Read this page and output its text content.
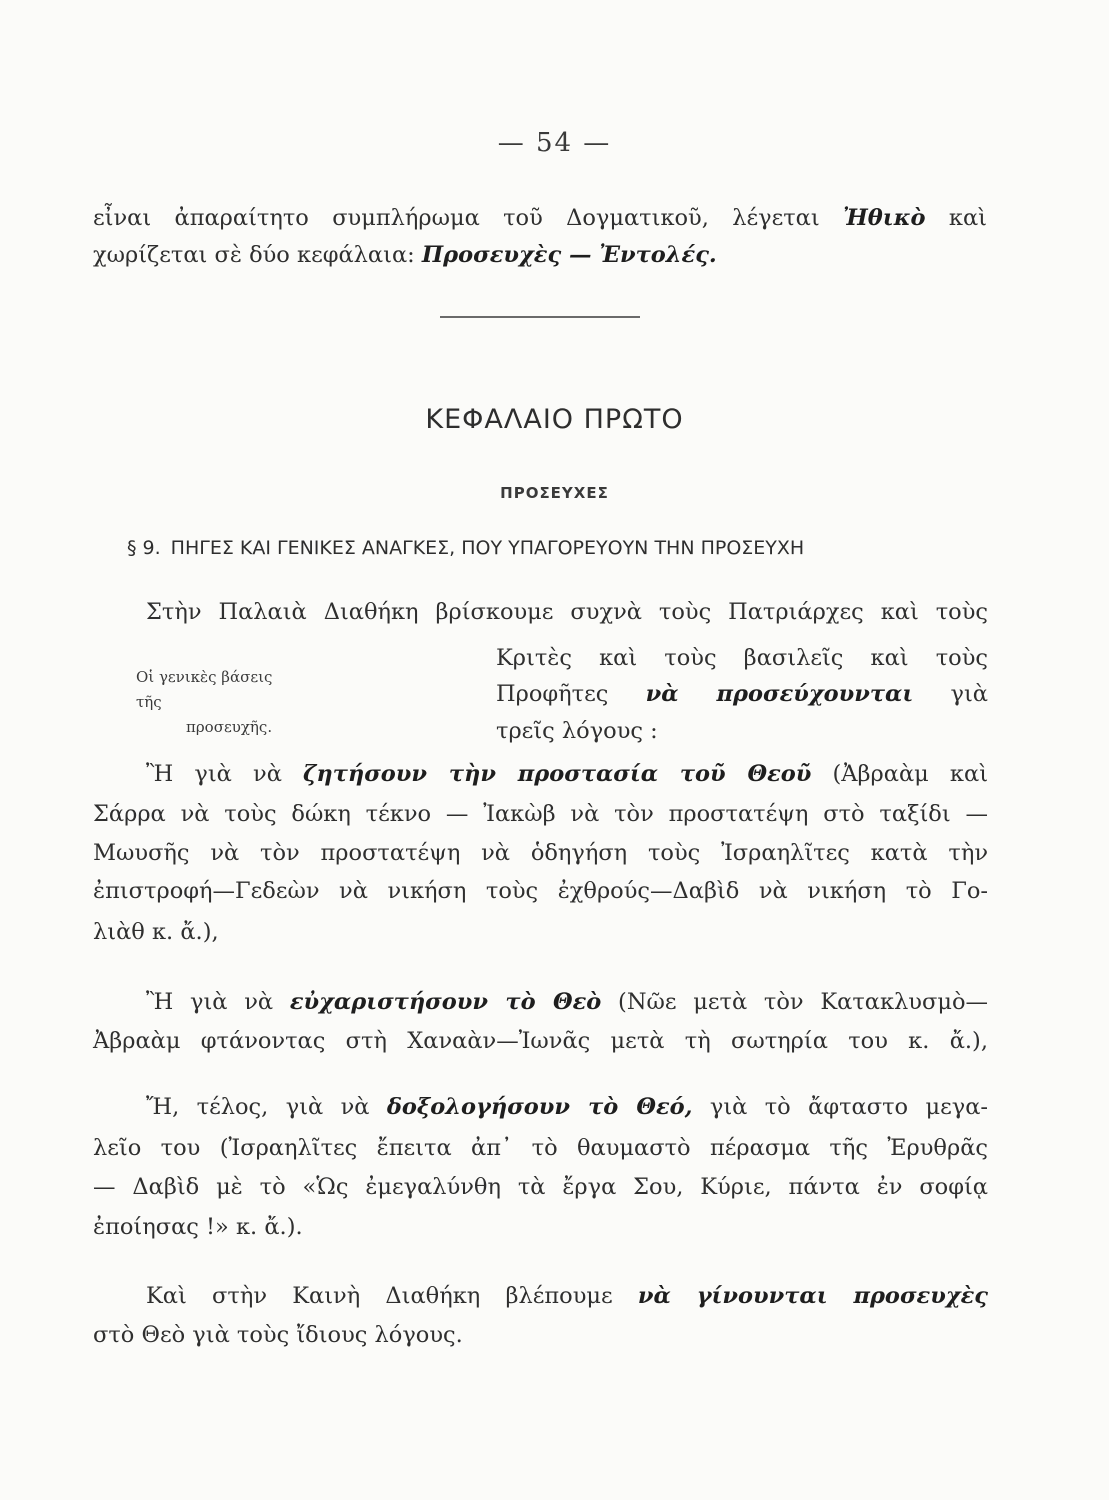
— 54 —
εἶναι ἀπαραίτητο συμπλήρωμα τοῦ Δογματικοῦ, λέγεται Ἠθικὸ καὶ
χωρίζεται σὲ δύο κεφάλαια: Προσευχὲς — Ἐντολές.
ΚΕΦΑΛΑΙΟ ΠΡΩΤΟ
ΠΡΟΣΕΥΧΕΣ
§ 9. ΠΗΓΕΣ ΚΑΙ ΓΕΝΙΚΕΣ ΑΝΑΓΚΕΣ, ΠΟΥ ΥΠΑΓΟΡΕΥΟΥΝ ΤΗΝ ΠΡΟΣΕΥΧΗ
Στὴν Παλαιὰ Διαθήκη βρίσκουμε συχνὰ τοὺς Πατριάρχες καὶ τοὺς
Κριτὲς καὶ τοὺς βασιλεῖς καὶ τοὺς
Προφῆτες νὰ προσεύχουνται γιὰ
τρεῖς λόγους :
Οἱ γενικὲς βάσεις τῆς
προσευχῆς.
Ἢ γιὰ νὰ ζητήσουν τὴν προστασία τοῦ Θεοῦ (Ἀβραὰμ καὶ
Σάρρα νὰ τοὺς δώκη τέκνο — Ἰακὼβ νὰ τὸν προστατέψη στὸ ταξίδι —
Μωυσῆς νὰ τὸν προστατέψη νὰ ὁδηγήση τοὺς Ἰσραηλῖτες κατὰ τὴν
ἐπιστροφή—Γεδεὼν νὰ νικήση τοὺς ἐχθρούς—Δαβὶδ νὰ νικήση τὸ Γο-
λιὰθ κ. ἄ.),
Ἢ γιὰ νὰ εὐχαριστήσουν τὸ Θεὸ (Νῶε μετὰ τὸν Κατακλυσμὸ—
Ἀβραὰμ φτάνοντας στὴ Χαναὰν—Ἰωνᾶς μετὰ τὴ σωτηρία του κ. ἄ.),
Ἤ, τέλος, γιὰ νὰ δοξολογήσουν τὸ Θεό, γιὰ τὸ ἄφταστο μεγα-
λεῖο του (Ἰσραηλῖτες ἔπειτα ἀπ᾿ τὸ θαυμαστὸ πέρασμα τῆς Ἐρυθρᾶς
— Δαβὶδ μὲ τὸ «Ὡς ἐμεγαλύνθη τὰ ἔργα Σου, Κύριε, πάντα ἐν σοφίᾳ
ἐποίησας !» κ. ἄ.).
Καὶ στὴν Καινὴ Διαθήκη βλέπουμε νὰ γίνουνται προσευχὲς
στὸ Θεὸ γιὰ τοὺς ἴδιους λόγους.
